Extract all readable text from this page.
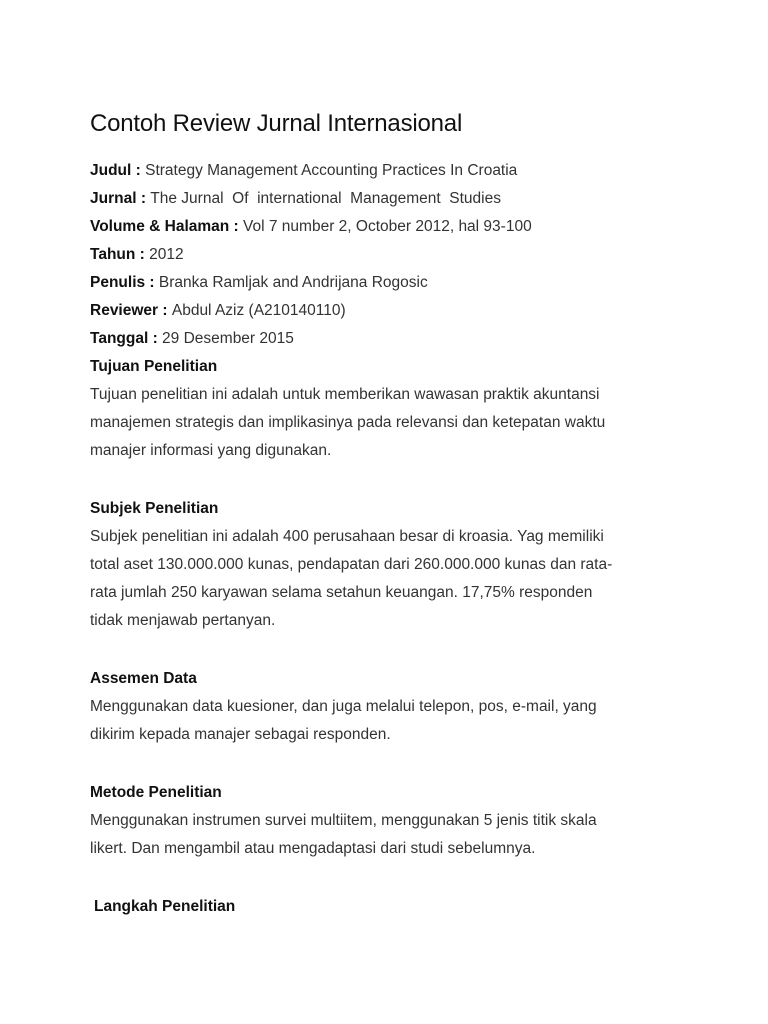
Contoh Review Jurnal Internasional
Judul : Strategy Management Accounting Practices In Croatia
Jurnal : The Jurnal  Of  international  Management  Studies
Volume & Halaman : Vol 7 number 2, October 2012, hal 93-100
Tahun : 2012
Penulis : Branka Ramljak and Andrijana Rogosic
Reviewer : Abdul Aziz (A210140110)
Tanggal : 29 Desember 2015
Tujuan Penelitian
Tujuan penelitian ini adalah untuk memberikan wawasan praktik akuntansi
manajemen strategis dan implikasinya pada relevansi dan ketepatan waktu
manajer informasi yang digunakan.
Subjek Penelitian
Subjek penelitian ini adalah 400 perusahaan besar di kroasia. Yag memiliki
total aset 130.000.000 kunas, pendapatan dari 260.000.000 kunas dan rata-
rata jumlah 250 karyawan selama setahun keuangan. 17,75% responden
tidak menjawab pertanyan.
Assemen Data
Menggunakan data kuesioner, dan juga melalui telepon, pos, e-mail, yang
dikirim kepada manajer sebagai responden.
Metode Penelitian
Menggunakan instrumen survei multiitem, menggunakan 5 jenis titik skala
likert. Dan mengambil atau mengadaptasi dari studi sebelumnya.
Langkah Penelitian
